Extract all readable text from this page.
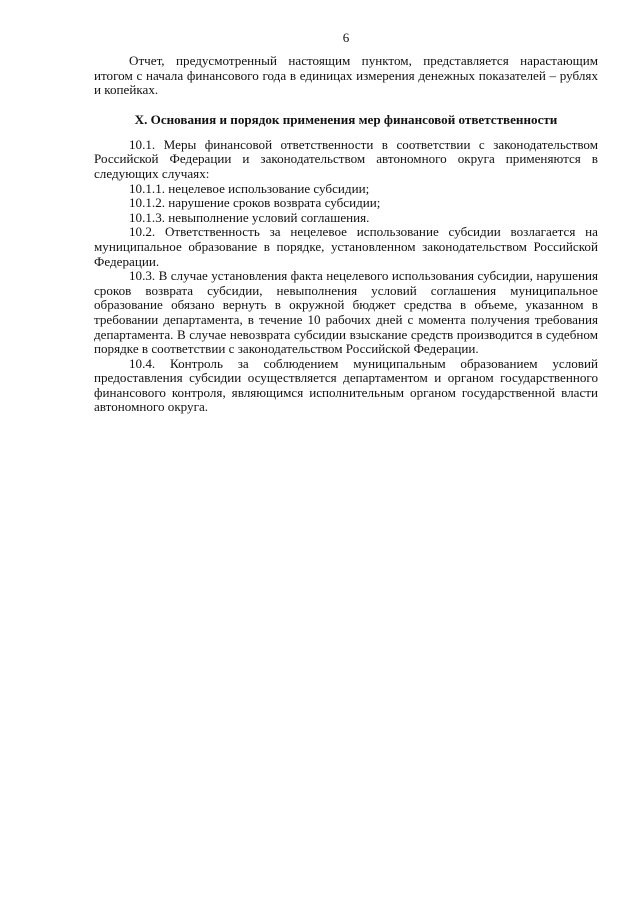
6

Отчет, предусмотренный настоящим пунктом, представляется нарастающим итогом с начала финансового года в единицах измерения денежных показателей – рублях и копейках.

X. Основания и порядок применения мер финансовой ответственности

10.1. Меры финансовой ответственности в соответствии с законодательством Российской Федерации и законодательством автономного округа применяются в следующих случаях:

10.1.1. нецелевое использование субсидии;

10.1.2. нарушение сроков возврата субсидии;

10.1.3. невыполнение условий соглашения.

10.2. Ответственность за нецелевое использование субсидии возлагается на муниципальное образование в порядке, установленном законодательством Российской Федерации.

10.3. В случае установления факта нецелевого использования субсидии, нарушения сроков возврата субсидии, невыполнения условий соглашения муниципальное образование обязано вернуть в окружной бюджет средства в объеме, указанном в требовании департамента, в течение 10 рабочих дней с момента получения требования департамента. В случае невозврата субсидии взыскание средств производится в судебном порядке в соответствии с законодательством Российской Федерации.

10.4. Контроль за соблюдением муниципальным образованием условий предоставления субсидии осуществляется департаментом и органом государственного финансового контроля, являющимся исполнительным органом государственной власти автономного округа.
